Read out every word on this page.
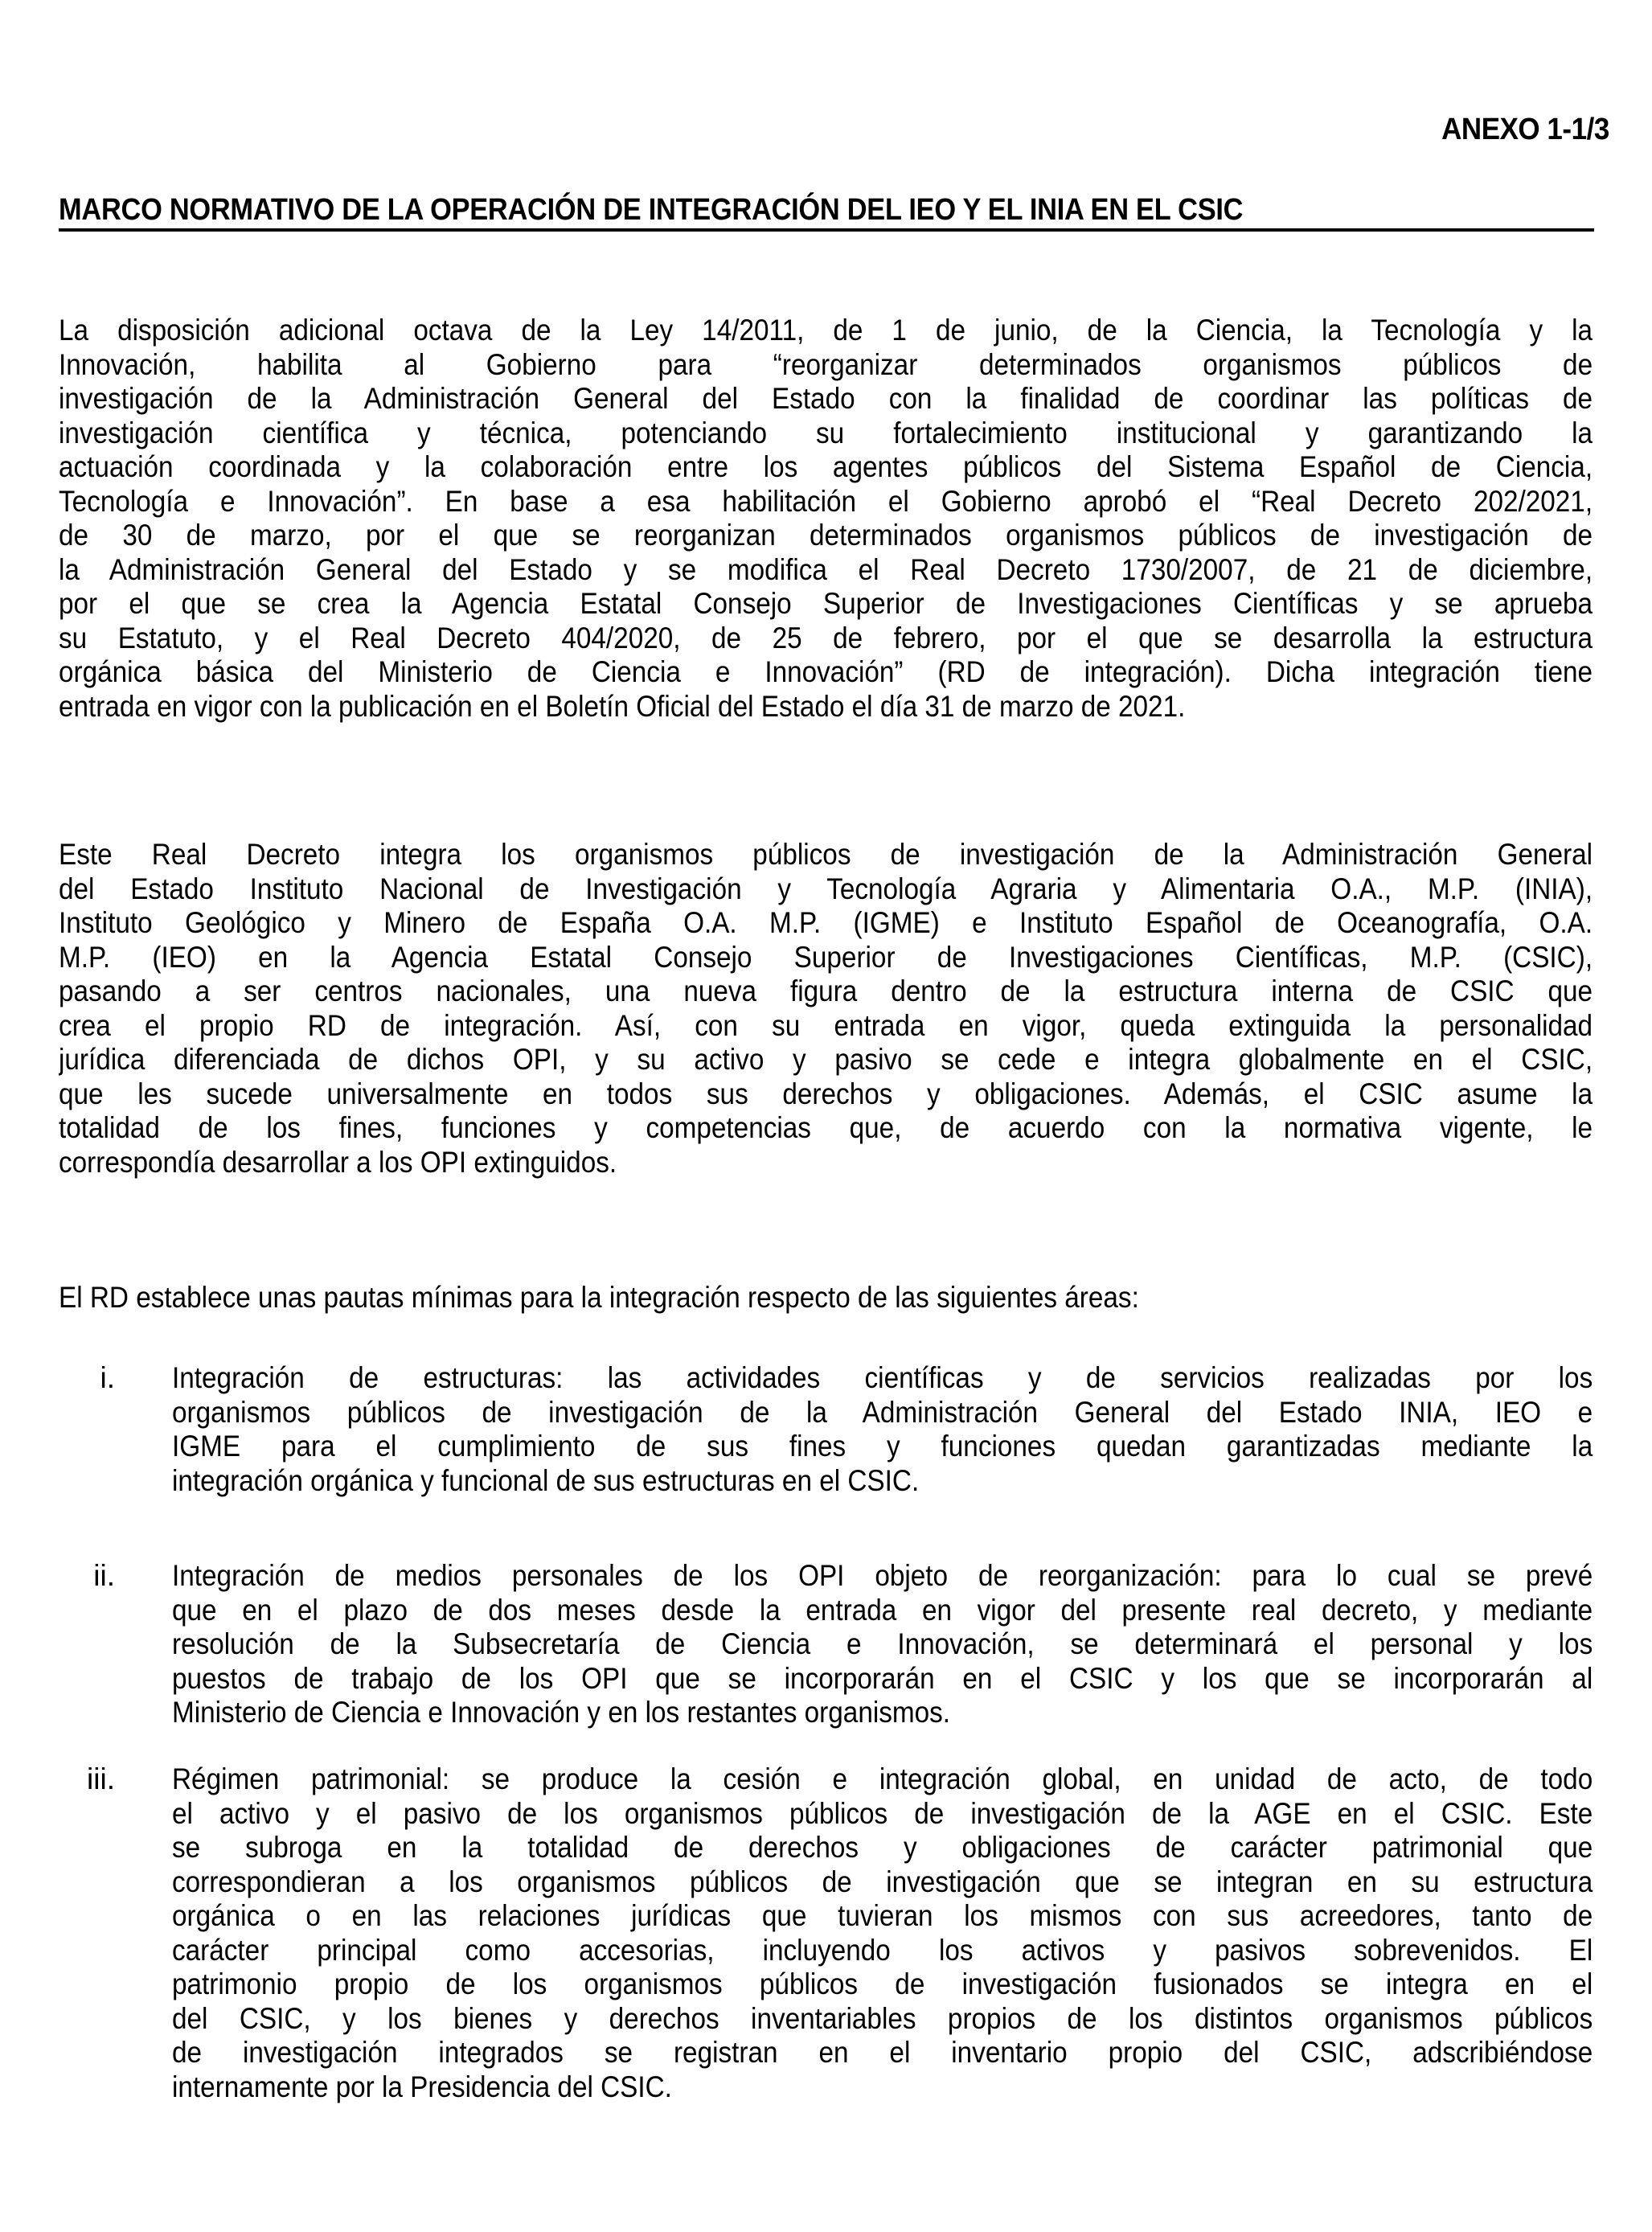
ANEXO 1-1/3
MARCO NORMATIVO DE LA OPERACIÓN DE INTEGRACIÓN DEL IEO Y EL INIA EN EL CSIC
La disposición adicional octava de la Ley 14/2011, de 1 de junio, de la Ciencia, la Tecnología y la
Innovación, habilita al Gobierno para “reorganizar determinados organismos públicos de
investigación de la Administración General del Estado con la finalidad de coordinar las políticas de
investigación científica y técnica, potenciando su fortalecimiento institucional y garantizando la
actuación coordinada y la colaboración entre los agentes públicos del Sistema Español de Ciencia,
Tecnología e Innovación”. En base a esa habilitación el Gobierno aprobó el “Real Decreto 202/2021,
de 30 de marzo, por el que se reorganizan determinados organismos públicos de investigación de
la Administración General del Estado y se modifica el Real Decreto 1730/2007, de 21 de diciembre,
por el que se crea la Agencia Estatal Consejo Superior de Investigaciones Científicas y se aprueba
su Estatuto, y el Real Decreto 404/2020, de 25 de febrero, por el que se desarrolla la estructura
orgánica básica del Ministerio de Ciencia e Innovación” (RD de integración). Dicha integración tiene
entrada en vigor con la publicación en el Boletín Oficial del Estado el día 31 de marzo de 2021.
Este Real Decreto integra los organismos públicos de investigación de la Administración General
del Estado Instituto Nacional de Investigación y Tecnología Agraria y Alimentaria O.A., M.P. (INIA),
Instituto Geológico y Minero de España O.A. M.P. (IGME) e Instituto Español de Oceanografía, O.A.
M.P. (IEO) en la Agencia Estatal Consejo Superior de Investigaciones Científicas, M.P. (CSIC),
pasando a ser centros nacionales, una nueva figura dentro de la estructura interna de CSIC que
crea el propio RD de integración. Así, con su entrada en vigor, queda extinguida la personalidad
jurídica diferenciada de dichos OPI, y su activo y pasivo se cede e integra globalmente en el CSIC,
que les sucede universalmente en todos sus derechos y obligaciones. Además, el CSIC asume la
totalidad de los fines, funciones y competencias que, de acuerdo con la normativa vigente, le
correspondía desarrollar a los OPI extinguidos.
El RD establece unas pautas mínimas para la integración respecto de las siguientes áreas:
i. Integración de estructuras: las actividades científicas y de servicios realizadas por los
organismos públicos de investigación de la Administración General del Estado INIA, IEO e
IGME para el cumplimiento de sus fines y funciones quedan garantizadas mediante la
integración orgánica y funcional de sus estructuras en el CSIC.
ii. Integración de medios personales de los OPI objeto de reorganización: para lo cual se prevé
que en el plazo de dos meses desde la entrada en vigor del presente real decreto, y mediante
resolución de la Subsecretaría de Ciencia e Innovación, se determinará el personal y los
puestos de trabajo de los OPI que se incorporarán en el CSIC y los que se incorporarán al
Ministerio de Ciencia e Innovación y en los restantes organismos.
iii. Régimen patrimonial: se produce la cesión e integración global, en unidad de acto, de todo
el activo y el pasivo de los organismos públicos de investigación de la AGE en el CSIC. Este
se subroga en la totalidad de derechos y obligaciones de carácter patrimonial que
correspondieran a los organismos públicos de investigación que se integran en su estructura
orgánica o en las relaciones jurídicas que tuvieran los mismos con sus acreedores, tanto de
carácter principal como accesorias, incluyendo los activos y pasivos sobrevenidos. El
patrimonio propio de los organismos públicos de investigación fusionados se integra en el
del CSIC, y los bienes y derechos inventariables propios de los distintos organismos públicos
de investigación integrados se registran en el inventario propio del CSIC, adscribiéndose
internamente por la Presidencia del CSIC.
